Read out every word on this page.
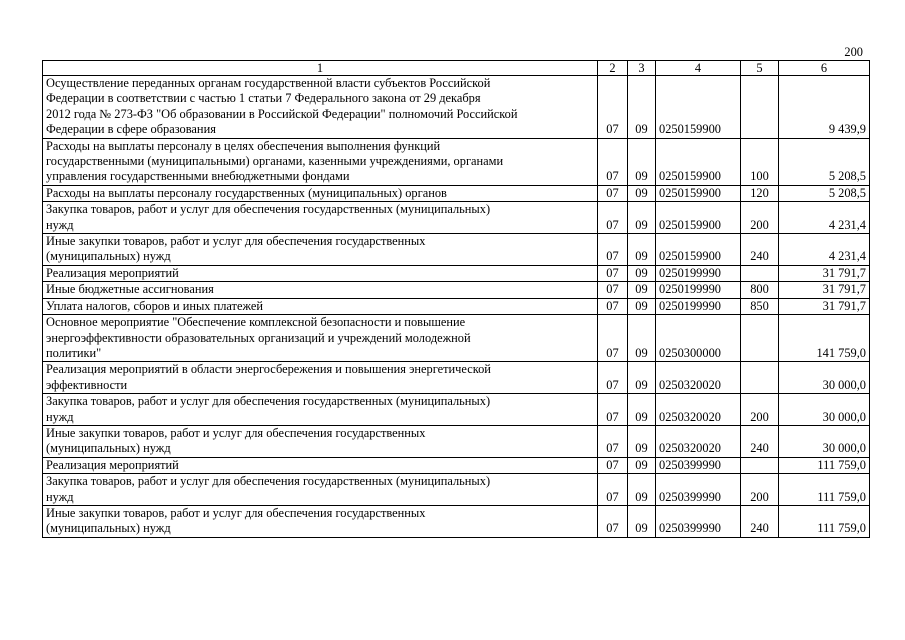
200
1	2	3	4	5	6

Осуществление переданных органам государственной власти субъектов Российской
Федерации в соответствии с частью 1 статьи 7 Федерального закона от 29 декабря
2012 года № 273-ФЗ "Об образовании в Российской Федерации" полномочий Российской
Федерации в сфере образования	07	09	0250159900		9 439,9

Расходы на выплаты персоналу в целях обеспечения выполнения функций
государственными (муниципальными) органами, казенными учреждениями, органами
управления государственными внебюджетными фондами	07	09	0250159900	100	5 208,5

Расходы на выплаты персоналу государственных (муниципальных) органов	07	09	0250159900	120	5 208,5

Закупка товаров, работ и услуг для обеспечения государственных (муниципальных)
нужд	07	09	0250159900	200	4 231,4

Иные закупки товаров, работ и услуг для обеспечения государственных
(муниципальных) нужд	07	09	0250159900	240	4 231,4

Реализация мероприятий	07	09	0250199990		31 791,7

Иные бюджетные ассигнования	07	09	0250199990	800	31 791,7

Уплата налогов, сборов и иных платежей	07	09	0250199990	850	31 791,7

Основное мероприятие "Обеспечение комплексной безопасности и повышение
энергоэффективности образовательных организаций и учреждений молодежной
политики"	07	09	0250300000		141 759,0

Реализация мероприятий в области энергосбережения и повышения энергетической
эффективности	07	09	0250320020		30 000,0

Закупка товаров, работ и услуг для обеспечения государственных (муниципальных)
нужд	07	09	0250320020	200	30 000,0

Иные закупки товаров, работ и услуг для обеспечения государственных
(муниципальных) нужд	07	09	0250320020	240	30 000,0

Реализация мероприятий	07	09	0250399990		111 759,0

Закупка товаров, работ и услуг для обеспечения государственных (муниципальных)
нужд	07	09	0250399990	200	111 759,0

Иные закупки товаров, работ и услуг для обеспечения государственных
(муниципальных) нужд	07	09	0250399990	240	111 759,0
